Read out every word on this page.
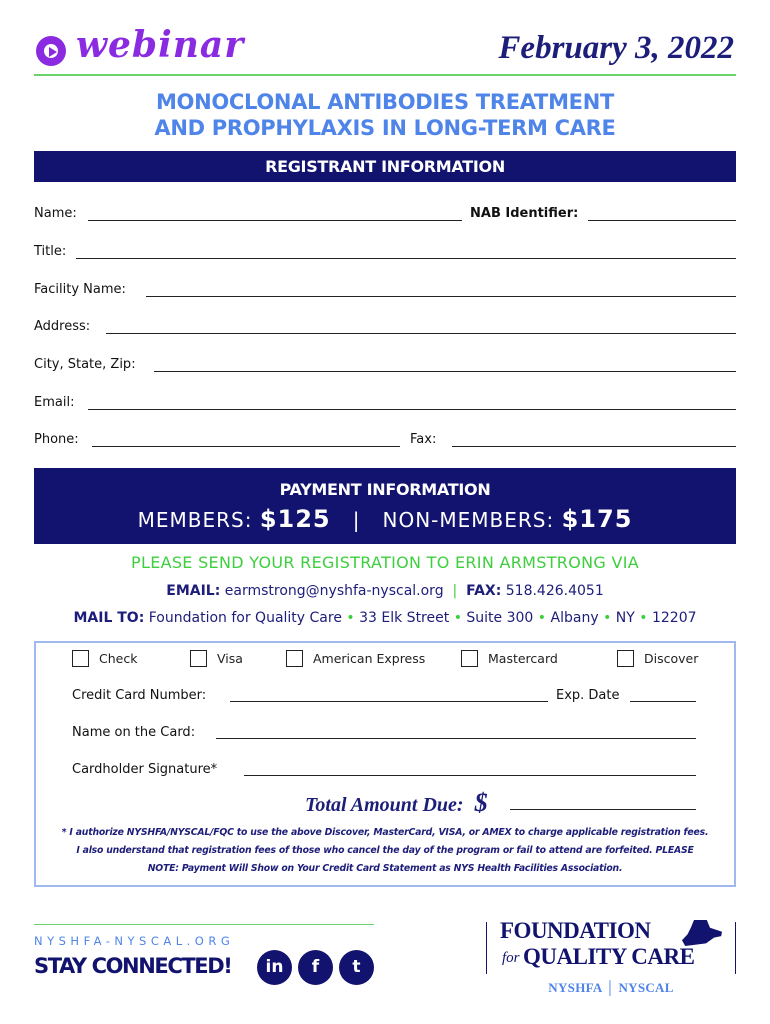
webinar	February 3, 2022
MONOCLONAL ANTIBODIES TREATMENT
AND PROPHYLAXIS IN LONG-TERM CARE
REGISTRANT INFORMATION
Name:	NAB Identifier:
Title:
Facility Name:
Address:
City, State, Zip:
Email:
Phone:	Fax:
PAYMENT INFORMATION
MEMBERS: $125 | NON-MEMBERS: $175
PLEASE SEND YOUR REGISTRATION TO ERIN ARMSTRONG VIA
EMAIL: earmstrong@nyshfa-nyscal.org | FAX: 518.426.4051
MAIL TO: Foundation for Quality Care • 33 Elk Street • Suite 300 • Albany • NY • 12207
Check	Visa	American Express	Mastercard	Discover
Credit Card Number:	Exp. Date
Name on the Card:
Cardholder Signature*
Total Amount Due: $
* I authorize NYSHFA/NYSCAL/FQC to use the above Discover, MasterCard, VISA, or AMEX to charge applicable registration fees. I also understand that registration fees of those who cancel the day of the program or fail to attend are forfeited. PLEASE NOTE: Payment Will Show on Your Credit Card Statement as NYS Health Facilities Association.
NYSHFA-NYSCAL.ORG
STAY CONNECTED!	in	f	t
FOUNDATION
for QUALITY CARE
NYSHFA │ NYSCAL
